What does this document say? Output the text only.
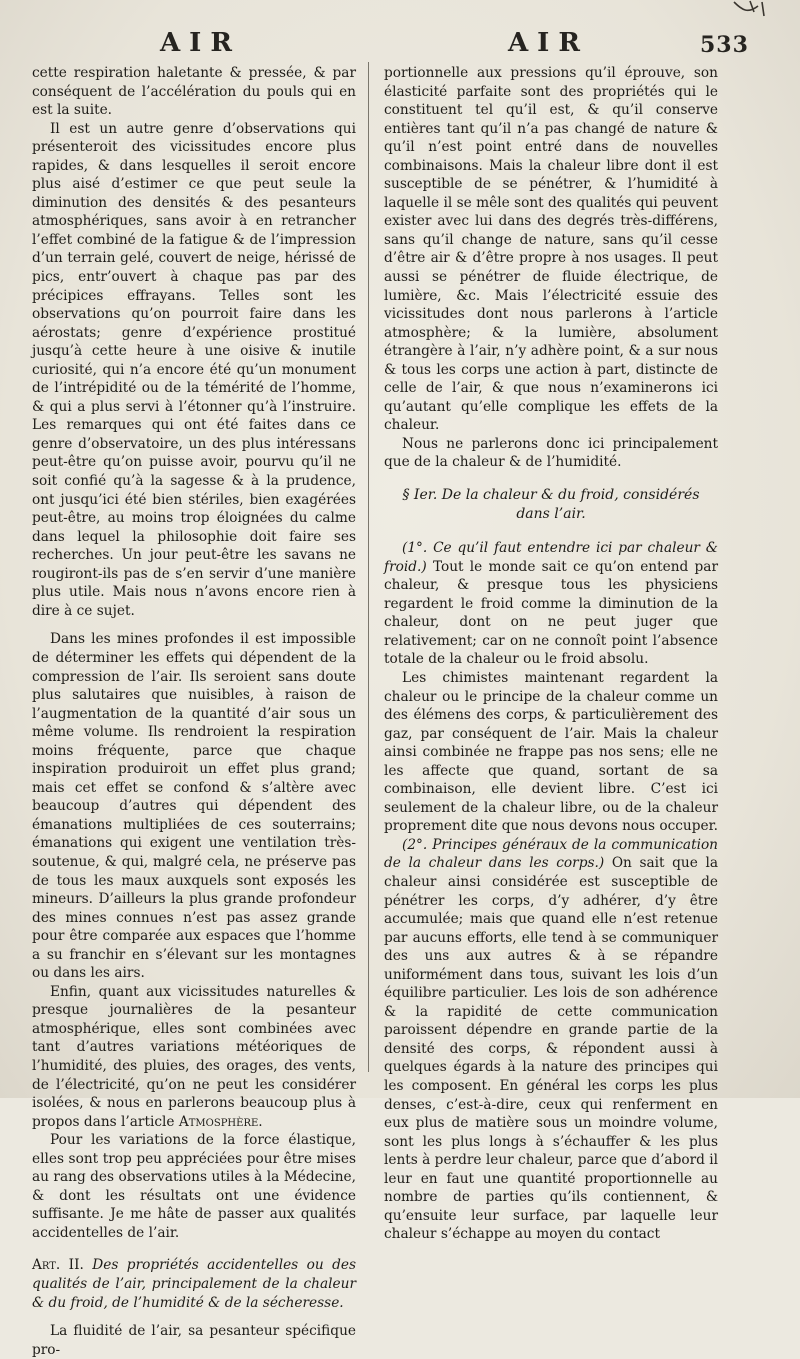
AIR	AIR	533

cette respiration haletante & pressée, & par conséquent de l’accélération du pouls qui en est la suite.

Il est un autre genre d’observations qui présenteroit des vicissitudes encore plus rapides, & dans lesquelles il seroit encore plus aisé d’estimer ce que peut seule la diminution des densités & des pesanteurs atmosphériques, sans avoir à en retrancher l’effet combiné de la fatigue & de l’impression d’un terrain gelé, couvert de neige, hérissé de pics, entr’ouvert à chaque pas par des précipices effrayans. Telles sont les observations qu’on pourroit faire dans les aérostats; genre d’expérience prostitué jusqu’à cette heure à une oisive & inutile curiosité, qui n’a encore été qu’un monument de l’intrépidité ou de la témérité de l’homme, & qui a plus servi à l’étonner qu’à l’instruire. Les remarques qui ont été faites dans ce genre d’observatoire, un des plus intéressans peut-être qu’on puisse avoir, pourvu qu’il ne soit confié qu’à la sagesse & à la prudence, ont jusqu’ici été bien stériles, bien exagérées peut-être, au moins trop éloignées du calme dans lequel la philosophie doit faire ses recherches. Un jour peut-être les savans ne rougiront-ils pas de s’en servir d’une manière plus utile. Mais nous n’avons encore rien à dire à ce sujet.

Dans les mines profondes il est impossible de déterminer les effets qui dépendent de la compression de l’air. Ils seroient sans doute plus salutaires que nuisibles, à raison de l’augmentation de la quantité d’air sous un même volume. Ils rendroient la respiration moins fréquente, parce que chaque inspiration produiroit un effet plus grand; mais cet effet se confond & s’altère avec beaucoup d’autres qui dépendent des émanations multipliées de ces souterrains; émanations qui exigent une ventilation très-soutenue, & qui, malgré cela, ne préserve pas de tous les maux auxquels sont exposés les mineurs. D’ailleurs la plus grande profondeur des mines connues n’est pas assez grande pour être comparée aux espaces que l’homme a su franchir en s’élevant sur les montagnes ou dans les airs.

Enfin, quant aux vicissitudes naturelles & presque journalières de la pesanteur atmosphérique, elles sont combinées avec tant d’autres variations météoriques de l’humidité, des pluies, des orages, des vents, de l’électricité, qu’on ne peut les considérer isolées, & nous en parlerons beaucoup plus à propos dans l’article Atmosphère.

Pour les variations de la force élastique, elles sont trop peu appréciées pour être mises au rang des observations utiles à la Médecine, & dont les résultats ont une évidence suffisante. Je me hâte de passer aux qualités accidentelles de l’air.

Art. II. Des propriétés accidentelles ou des qualités de l’air, principalement de la chaleur & du froid, de l’humidité & de la sécheresse.

La fluidité de l’air, sa pesanteur spécifique pro-

portionnelle aux pressions qu’il éprouve, son élasticité parfaite sont des propriétés qui le constituent tel qu’il est, & qu’il conserve entières tant qu’il n’a pas changé de nature & qu’il n’est point entré dans de nouvelles combinaisons. Mais la chaleur libre dont il est susceptible de se pénétrer, & l’humidité à laquelle il se mêle sont des qualités qui peuvent exister avec lui dans des degrés très-différens, sans qu’il change de nature, sans qu’il cesse d’être air & d’être propre à nos usages. Il peut aussi se pénétrer de fluide électrique, de lumière, &c. Mais l’électricité essuie des vicissitudes dont nous parlerons à l’article atmosphère; & la lumière, absolument étrangère à l’air, n’y adhère point, & a sur nous & tous les corps une action à part, distincte de celle de l’air, & que nous n’examinerons ici qu’autant qu’elle complique les effets de la chaleur.

Nous ne parlerons donc ici principalement que de la chaleur & de l’humidité.

§ Ier. De la chaleur & du froid, considérés dans l’air.

(1°. Ce qu’il faut entendre ici par chaleur & froid.) Tout le monde sait ce qu’on entend par chaleur, & presque tous les physiciens regardent le froid comme la diminution de la chaleur, dont on ne peut juger que relativement; car on ne connoît point l’absence totale de la chaleur ou le froid absolu.

Les chimistes maintenant regardent la chaleur ou le principe de la chaleur comme un des élémens des corps, & particulièrement des gaz, par conséquent de l’air. Mais la chaleur ainsi combinée ne frappe pas nos sens; elle ne les affecte que quand, sortant de sa combinaison, elle devient libre. C’est ici seulement de la chaleur libre, ou de la chaleur proprement dite que nous devons nous occuper.

(2°. Principes généraux de la communication de la chaleur dans les corps.) On sait que la chaleur ainsi considérée est susceptible de pénétrer les corps, d’y adhérer, d’y être accumulée; mais que quand elle n’est retenue par aucuns efforts, elle tend à se communiquer des uns aux autres & à se répandre uniformément dans tous, suivant les lois d’un équilibre particulier. Les lois de son adhérence & la rapidité de cette communication paroissent dépendre en grande partie de la densité des corps, & répondent aussi à quelques égards à la nature des principes qui les composent. En général les corps les plus denses, c’est-à-dire, ceux qui renferment en eux plus de matière sous un moindre volume, sont les plus longs à s’échauffer & les plus lents à perdre leur chaleur, parce que d’abord il leur en faut une quantité proportionnelle au nombre de parties qu’ils contiennent, & qu’ensuite leur surface, par laquelle leur chaleur s’échappe au moyen du contact
